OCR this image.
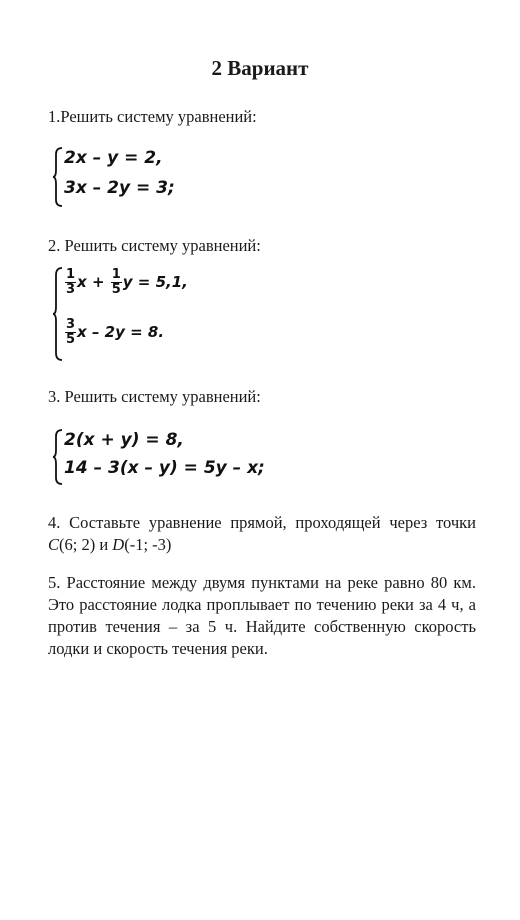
2 Вариант
1.Решить систему уравнений:
2x – y = 2,
3x – 2y = 3;
2. Решить систему уравнений:
$\frac{1}{3}$ $x + \frac{1}{5}$ y = 5,1,
$\frac{3}{5}$ x – 2y = 8.
3. Решить систему уравнений:
2(x + y) = 8,
14 – 3(x – y) = 5y – x;
4. Составьте уравнение прямой, проходящей через точки C(6; 2) и D(-1; -3)
5. Расстояние между двумя пунктами на реке равно 80 км. Это расстояние лодка проплывает по течению реки за 4 ч, а против течения – за 5 ч. Найдите собственную скорость лодки и скорость течения реки.
